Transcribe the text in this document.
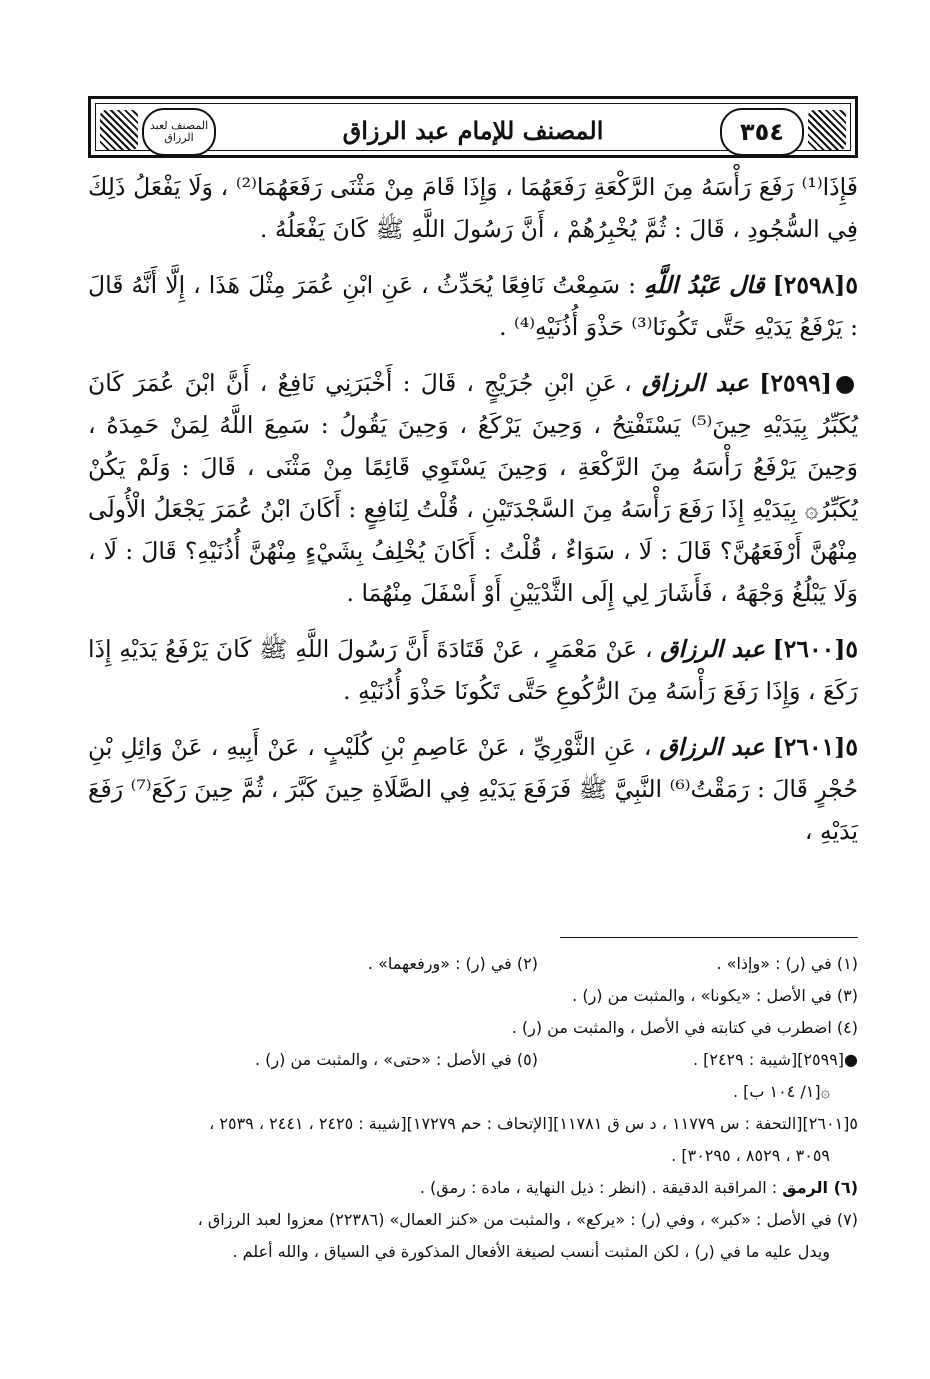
المصنف لعبد الرزاق	المصنف للإمام عبد الرزاق	٣٥٤

فَإِذَا⁽¹⁾ رَفَعَ رَأْسَهُ مِنَ الرَّكْعَةِ رَفَعَهُمَا ، وَإِذَا قَامَ مِنْ مَثْنَى رَفَعَهُمَا⁽²⁾ ، وَلَا يَفْعَلُ ذَلِكَ فِي السُّجُودِ ، قَالَ : ثُمَّ يُخْبِرُهُمْ ، أَنَّ رَسُولَ اللَّهِ ﷺ كَانَ يَفْعَلُهُ .

٥[٢٥٩٨] قال عَبْدُ اللَّهِ : سَمِعْتُ نَافِعًا يُحَدِّثُ ، عَنِ ابْنِ عُمَرَ مِثْلَ هَذَا ، إِلَّا أَنَّهُ قَالَ : يَرْفَعُ يَدَيْهِ حَتَّى تَكُونَا⁽³⁾ حَذْوَ أُذُنَيْهِ⁽⁴⁾ .

●[٢٥٩٩] عبد الرزاق ، عَنِ ابْنِ جُرَيْجٍ ، قَالَ : أَخْبَرَنِي نَافِعٌ ، أَنَّ ابْنَ عُمَرَ كَانَ يُكَبِّرُ بِيَدَيْهِ حِينَ⁽⁵⁾ يَسْتَفْتِحُ ، وَحِينَ يَرْكَعُ ، وَحِينَ يَقُولُ : سَمِعَ اللَّهُ لِمَنْ حَمِدَهُ ، وَحِينَ يَرْفَعُ رَأْسَهُ مِنَ الرَّكْعَةِ ، وَحِينَ يَسْتَوِي قَائِمًا مِنْ مَثْنَى ، قَالَ : وَلَمْ يَكُنْ يُكَبِّرُ۞ بِيَدَيْهِ إِذَا رَفَعَ رَأْسَهُ مِنَ السَّجْدَتَيْنِ ، قُلْتُ لِنَافِعٍ : أَكَانَ ابْنُ عُمَرَ يَجْعَلُ الْأُولَى مِنْهُنَّ أَرْفَعَهُنَّ؟ قَالَ : لَا ، سَوَاءٌ ، قُلْتُ : أَكَانَ يُخْلِفُ بِشَيْءٍ مِنْهُنَّ أُذُنَيْهِ؟ قَالَ : لَا ، وَلَا يَبْلُغُ وَجْهَهُ ، فَأَشَارَ لِي إِلَى الثَّدْيَيْنِ أَوْ أَسْفَلَ مِنْهُمَا .

٥[٢٦٠٠] عبد الرزاق ، عَنْ مَعْمَرٍ ، عَنْ قَتَادَةَ أَنَّ رَسُولَ اللَّهِ ﷺ كَانَ يَرْفَعُ يَدَيْهِ إِذَا رَكَعَ ، وَإِذَا رَفَعَ رَأْسَهُ مِنَ الرُّكُوعِ حَتَّى تَكُونَا حَذْوَ أُذُنَيْهِ .

٥[٢٦٠١] عبد الرزاق ، عَنِ الثَّوْرِيِّ ، عَنْ عَاصِمِ بْنِ كُلَيْبٍ ، عَنْ أَبِيهِ ، عَنْ وَائِلِ بْنِ حُجْرٍ قَالَ : رَمَقْتُ⁽⁶⁾ النَّبِيَّ ﷺ فَرَفَعَ يَدَيْهِ فِي الصَّلَاةِ حِينَ كَبَّرَ ، ثُمَّ حِينَ رَكَعَ⁽⁷⁾ رَفَعَ يَدَيْهِ ،

(١) في (ر) : «وإذا» .
(٢) في (ر) : «ورفعهما» .

(٣) في الأصل : «يكونا» ، والمثبت من (ر) .

(٤) اضطرب في كتابته في الأصل ، والمثبت من (ر) .

●[٢٥٩٩][شيبة : ٢٤٢٩] .
(٥) في الأصل : «حتى» ، والمثبت من (ر) .

۞[١/ ١٠٤ ب] .

٥[٢٦٠١][التحفة : س ١١٧٧٩ ، د س ق ١١٧٨١][الإتحاف : حم ١٧٢٧٩][شيبة : ٢٤٢٥ ، ٢٤٤١ ، ٢٥٣٩ ،

٣٠٥٩ ، ٨٥٢٩ ، ٣٠٢٩٥] .

(٦) الرمق : المراقبة الدقيقة . (انظر : ذيل النهاية ، مادة : رمق) .

(٧) في الأصل : «كبر» ، وفي (ر) : «يركع» ، والمثبت من «كنز العمال» (٢٢٣٨٦) معزوا لعبد الرزاق ،

ويدل عليه ما في (ر) ، لكن المثبت أنسب لصيغة الأفعال المذكورة في السياق ، والله أعلم .
